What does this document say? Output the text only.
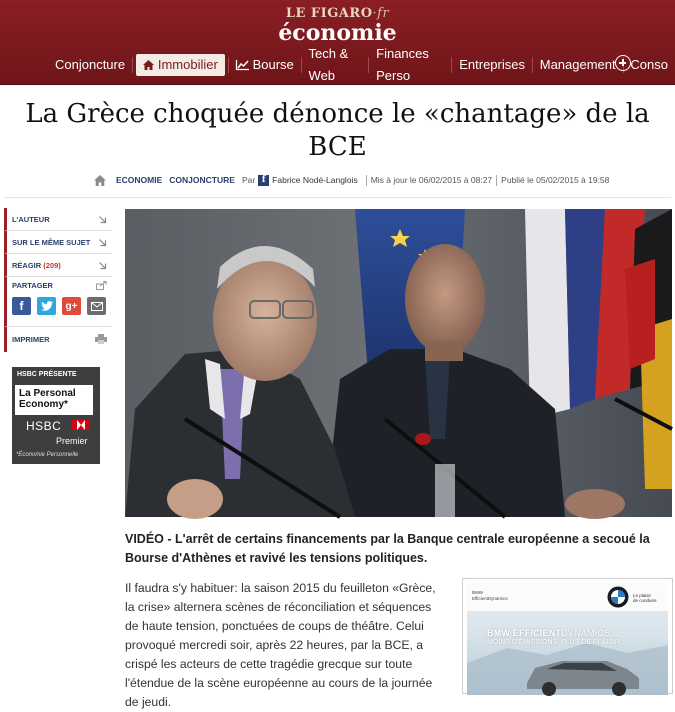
LE FIGARO·fr
économie
Conjoncture	Immobilier	Bourse
Tech & Web
Finances Perso
Entreprises Management Conso
La Grèce choquée dénonce le «chantage» de la BCE
ECONOMIE CONJONCTURE Par f Fabrice Nodé-Langlois Mis à jour le 06/02/2015 à 08:27 Publié le 05/02/2015 à 19:58
L'AUTEUR
SUR LE MÊME SUJET
RÉAGIR (209)
PARTAGER
f	g+
IMPRIMER
HSBC PRÉSENTE
La Personal
Economy*
HSBC
Premier
*Économie Personnelle
VIDÉO - L'arrêt de certains financements par la Banque centrale européenne a secoué la Bourse d'Athènes et ravivé les tensions politiques.
Il faudra s'y habituer: la saison 2015 du feuilleton «Grèce, la crise» alternera scènes de réconciliation et séquences de haute tension, ponctuées de coups de théâtre. Celui provoqué mercredi soir, après 22 heures, par la BCE, a crispé les acteurs de cette tragédie grecque sur toute l'étendue de la scène européenne au cours de la journée de jeudi.
BMW
EfficientDynamics
Le plaisir
de conduire
BMW EFFICIENTDYNAMICS.
MOINS D'ÉMISSIONS. PLUS DE PLAISIR.
